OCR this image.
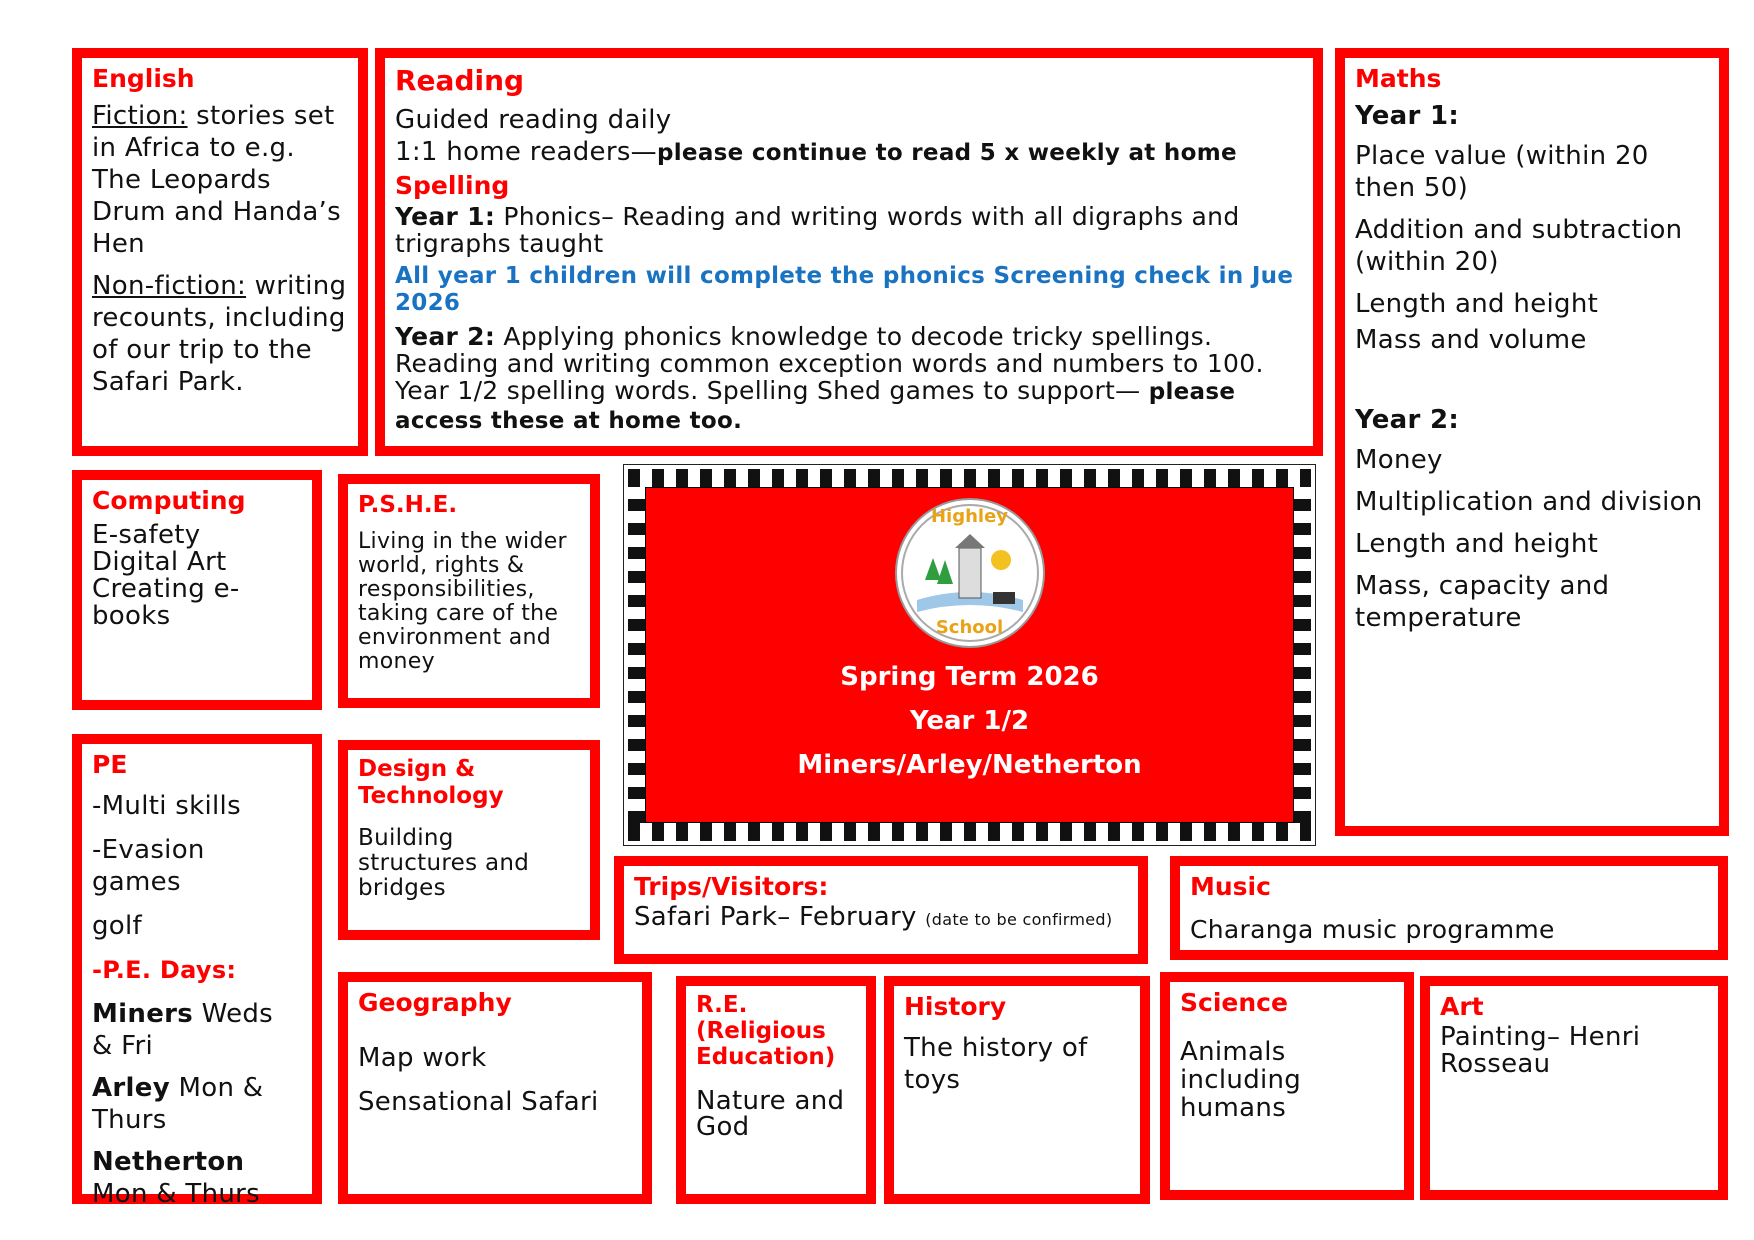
English
Fiction: stories set in Africa to e.g. The Leopards Drum and Handa’s Hen
Non-fiction: writing recounts, including of our trip to the Safari Park.
Reading
Guided reading daily
1:1 home readers—please continue to read 5 x weekly at home
Spelling
Year 1: Phonics– Reading and writing words with all digraphs and trigraphs taught
All year 1 children will complete the phonics Screening check in Jue 2026
Year 2: Applying phonics knowledge to decode tricky spellings. Reading and writing common exception words and numbers to 100. Year 1/2 spelling words. Spelling Shed games to support— please access these at home too.
Maths
Year 1:
Place value (within 20 then 50)
Addition and subtraction (within 20)
Length and height
Mass and volume
Year 2:
Money
Multiplication and division
Length and height
Mass, capacity and temperature
Computing
E-safety
Digital Art
Creating e-books
P.S.H.E.
Living in the wider world, rights & responsibilities, taking care of the environment and money
Highley
School
Spring Term 2026
Year 1/2
Miners/Arley/Netherton
PE
-Multi skills
-Evasion games
golf
-P.E. Days:
Miners Weds & Fri
Arley Mon & Thurs
Netherton Mon & Thurs
Design & Technology
Building structures and bridges	Trips/Visitors:
Safari Park– February (date to be confirmed)
Music
Charanga music programme
Geography
Map work
Sensational Safari
R.E. (Religious Education)
Nature and God
History
The history of toys
Science
Animals including humans
Art
Painting– Henri Rosseau
